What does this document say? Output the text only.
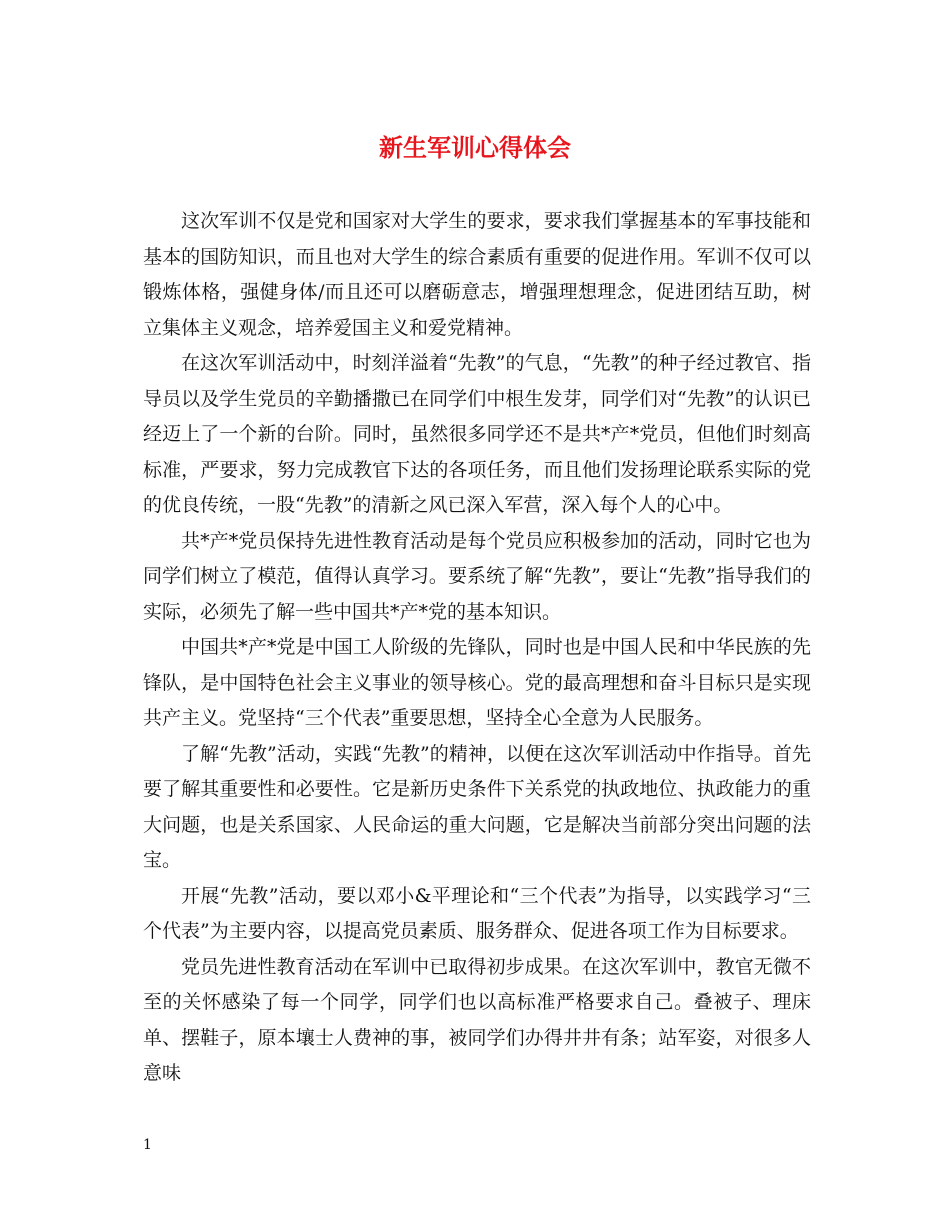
新生军训心得体会

这次军训不仅是党和国家对大学生的要求，要求我们掌握基本的军事技能和基本的国防知识，而且也对大学生的综合素质有重要的促进作用。军训不仅可以锻炼体格，强健身体/而且还可以磨砺意志，增强理想理念，促进团结互助，树立集体主义观念，培养爱国主义和爱党精神。

在这次军训活动中，时刻洋溢着“先教”的气息，“先教”的种子经过教官、指导员以及学生党员的辛勤播撒已在同学们中根生发芽，同学们对“先教”的认识已经迈上了一个新的台阶。同时，虽然很多同学还不是共*产*党员，但他们时刻高标准，严要求，努力完成教官下达的各项任务，而且他们发扬理论联系实际的党的优良传统，一股“先教”的清新之风已深入军营，深入每个人的心中。

共*产*党员保持先进性教育活动是每个党员应积极参加的活动，同时它也为同学们树立了模范，值得认真学习。要系统了解“先教”，要让“先教”指导我们的实际，必须先了解一些中国共*产*党的基本知识。

中国共*产*党是中国工人阶级的先锋队，同时也是中国人民和中华民族的先锋队，是中国特色社会主义事业的领导核心。党的最高理想和奋斗目标只是实现共产主义。党坚持“三个代表”重要思想，坚持全心全意为人民服务。

了解“先教”活动，实践“先教”的精神，以便在这次军训活动中作指导。首先要了解其重要性和必要性。它是新历史条件下关系党的执政地位、执政能力的重大问题，也是关系国家、人民命运的重大问题，它是解决当前部分突出问题的法宝。

开展“先教”活动，要以邓小&平理论和“三个代表”为指导，以实践学习“三个代表”为主要内容，以提高党员素质、服务群众、促进各项工作为目标要求。

党员先进性教育活动在军训中已取得初步成果。在这次军训中，教官无微不至的关怀感染了每一个同学，同学们也以高标准严格要求自己。叠被子、理床单、摆鞋子，原本壤士人费神的事，被同学们办得井井有条；站军姿，对很多人意味

1
